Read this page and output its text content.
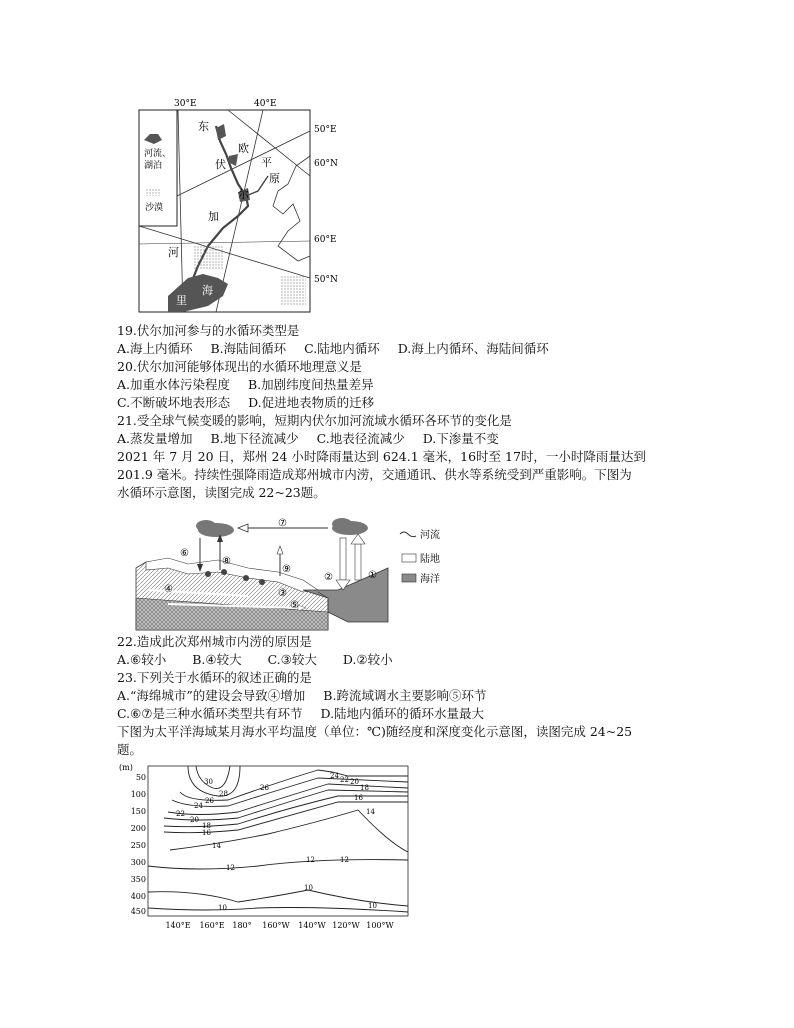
30°E	40°E
50°E
60°N
60°E
50°N
东
欧
平
原
伏
尔
加
河
里
海
河流、
湖泊
沙漠
19.伏尔加河参与的水循环类型是
A.海上内循环 B.海陆间循环 C.陆地内循环 D.海上内循环、海陆间循环
20.伏尔加河能够体现出的水循环地理意义是
A.加重水体污染程度 B.加剧纬度间热量差异
C.不断破坏地表形态 D.促进地表物质的迁移
21.受全球气候变暖的影响，短期内伏尔加河流域水循环各环节的变化是
A.蒸发量增加 B.地下径流减少 C.地表径流减少 D.下渗量不变
2021 年 7 月 20 日，郑州 24 小时降雨量达到 624.1 毫米，16时至 17时，一小时降雨量达到
201.9 毫米。持续性强降雨造成郑州城市内涝，交通通讯、供水等系统受到严重影响。下图为
水循环示意图，读图完成 22~23题。
⑦
⑥
⑧
⑨
②	①
④	③
⑤
河流
陆地
海洋
22.造成此次郑州城市内涝的原因是
A.⑥较小 B.④较大 C.③较大 D.②较小
23.下列关于水循环的叙述正确的是
A.“海绵城市”的建设会导致④增加 B.跨流域调水主要影响⑤环节
C.⑥⑦是三种水循环类型共有环节 D.陆地内循环的循环水量最大
下图为太平洋海域某月海水平均温度（单位：℃)随经度和深度变化示意图，读图完成 24~25
题。
(m)
50
100
150
200
250
300
350
400
450
140°E 160°E 180° 160°W 140°W 120°W 100°W
30
28
26
24
22
20
18
16
14
12
10
26
24 22 20
18
16
14
12
12
10
10
